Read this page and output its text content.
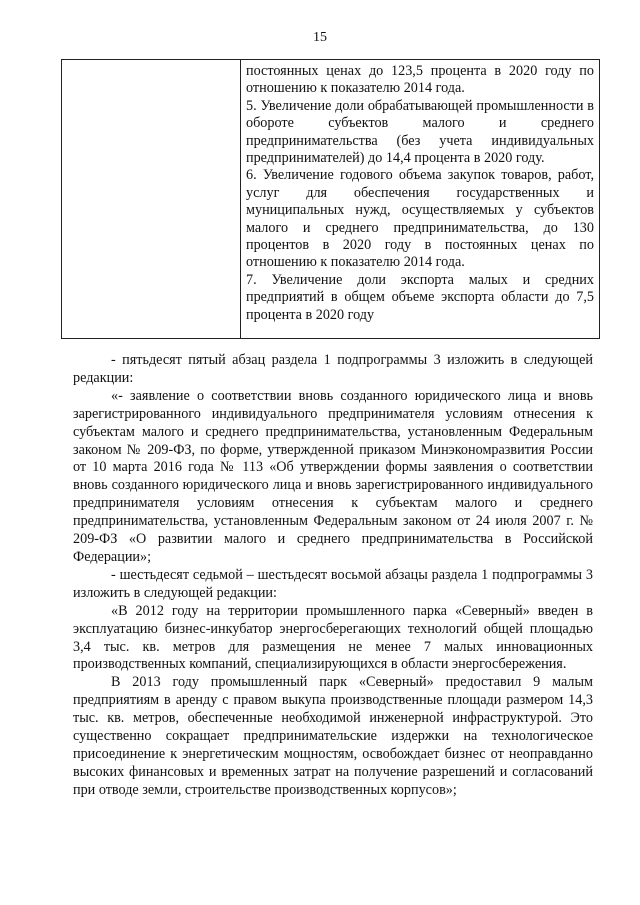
15

постоянных ценах до 123,5 процента в 2020 году по отношению к показателю 2014 года.

5. Увеличение доли обрабатывающей промышленности в обороте субъектов малого и среднего предпринимательства (без учета индивидуальных предпринимателей) до 14,4 процента в 2020 году.

6. Увеличение годового объема закупок товаров, работ, услуг для обеспечения государственных и муниципальных нужд, осуществляемых у субъектов малого и среднего предпринимательства, до 130 процентов в 2020 году в постоянных ценах по отношению к показателю 2014 года.

7. Увеличение доли экспорта малых и средних предприятий в общем объеме экспорта области до 7,5 процента в 2020 году

- пятьдесят пятый абзац раздела 1 подпрограммы 3 изложить в следующей редакции:

«- заявление о соответствии вновь созданного юридического лица и вновь зарегистрированного индивидуального предпринимателя условиям отнесения к субъектам малого и среднего предпринимательства, установленным Федеральным законом № 209-ФЗ, по форме, утвержденной приказом Минэкономразвития России от 10 марта 2016 года № 113 «Об утверждении формы заявления о соответствии вновь созданного юридического лица и вновь зарегистрированного индивидуального предпринимателя условиям отнесения к субъектам малого и среднего предпринимательства, установленным Федеральным законом от 24 июля 2007 г. № 209-ФЗ «О развитии малого и среднего предпринимательства в Российской Федерации»;

- шестьдесят седьмой – шестьдесят восьмой абзацы раздела 1 подпрограммы 3 изложить в следующей редакции:

«В 2012 году на территории промышленного парка «Северный» введен в эксплуатацию бизнес-инкубатор энергосберегающих технологий общей площадью 3,4 тыс. кв. метров для размещения не менее 7 малых инновационных производственных компаний, специализирующихся в области энергосбережения.

В 2013 году промышленный парк «Северный» предоставил 9 малым предприятиям в аренду с правом выкупа производственные площади размером 14,3 тыс. кв. метров, обеспеченные необходимой инженерной инфраструктурой. Это существенно сокращает предпринимательские издержки на технологическое присоединение к энергетическим мощностям, освобождает бизнес от неоправданно высоких финансовых и временных затрат на получение разрешений и согласований при отводе земли, строительстве производственных корпусов»;
